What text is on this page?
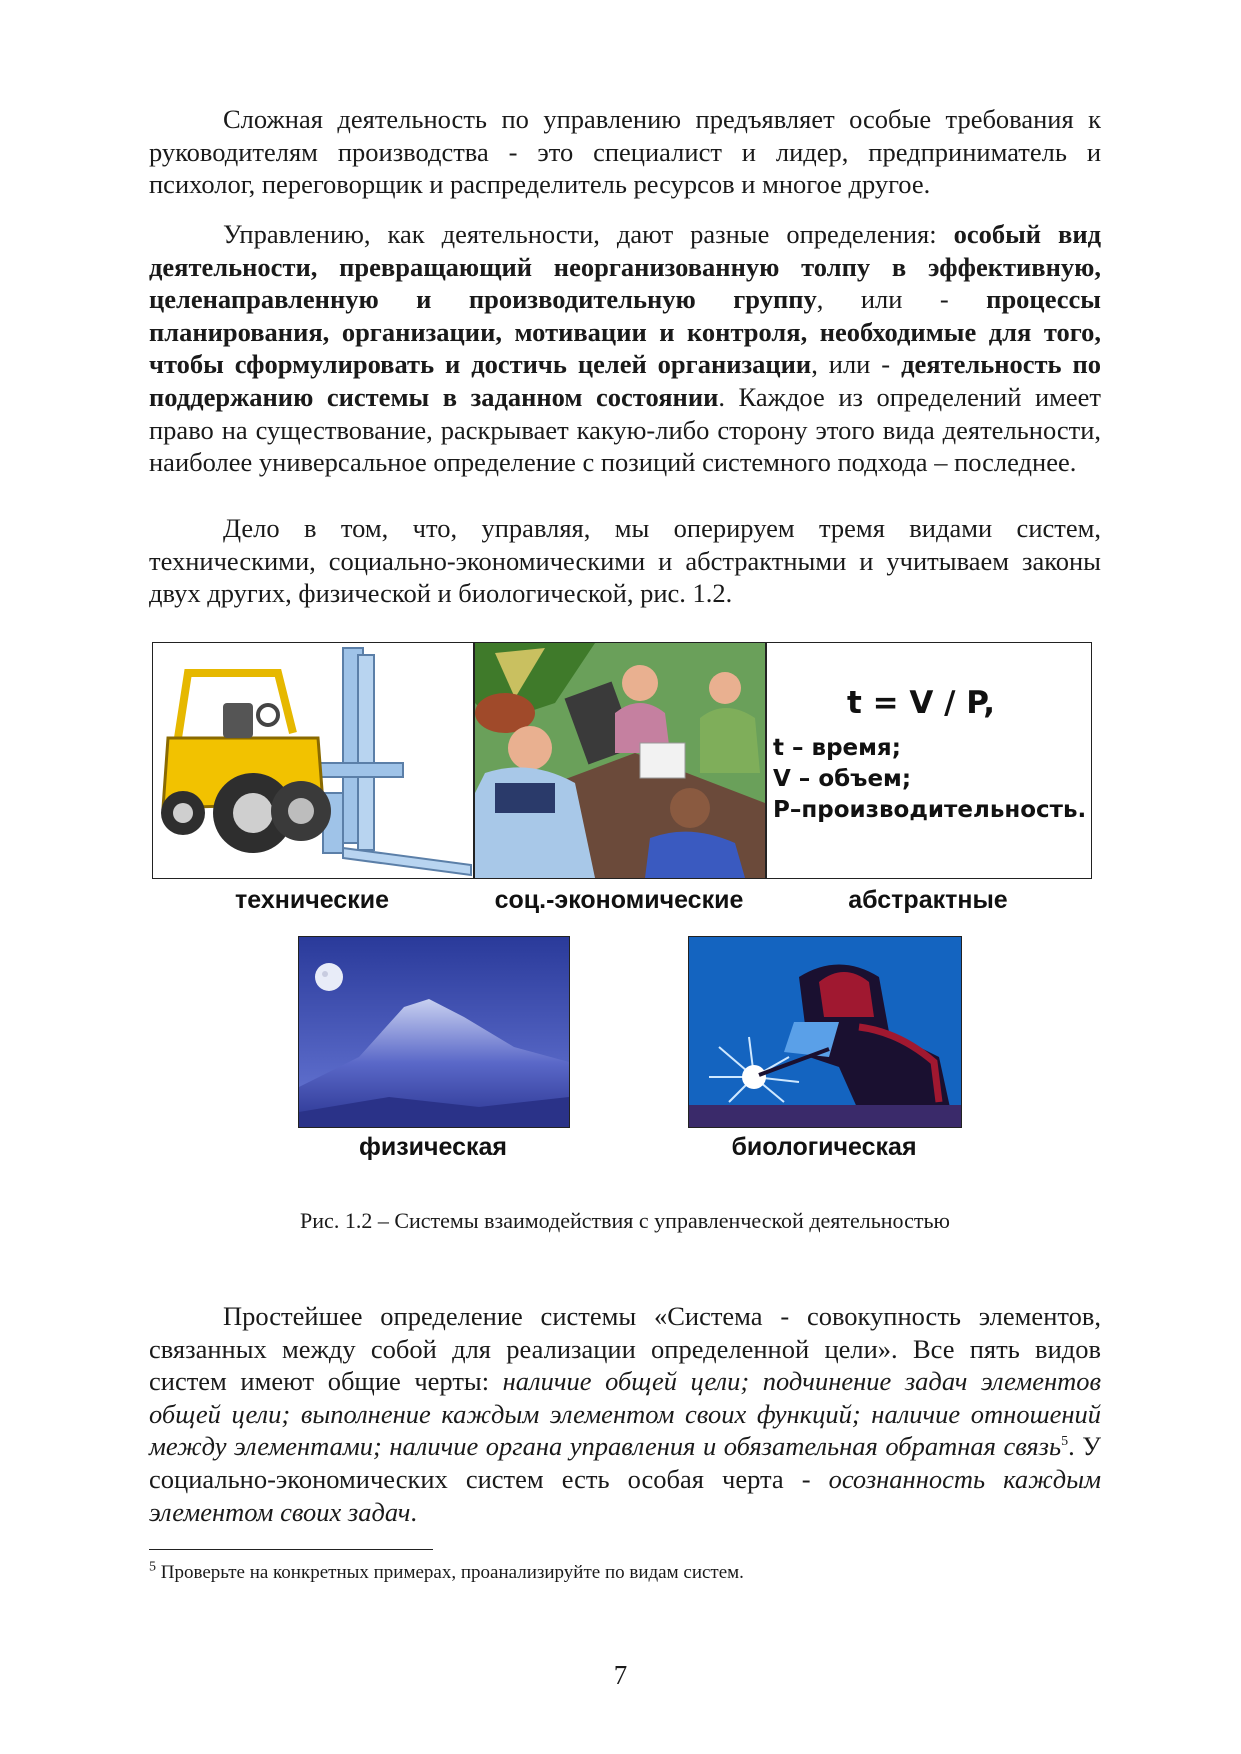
Сложная деятельность по управлению предъявляет особые требования к руководителям производства - это специалист и лидер, предприниматель и психолог, переговорщик и распределитель ресурсов и многое другое.

Управлению, как деятельности, дают разные определения: особый вид деятельности, превращающий неорганизованную толпу в эффективную, целенаправленную и производительную группу, или - процессы планирования, организации, мотивации и контроля, необходимые для того, чтобы сформулировать и достичь целей организации, или - деятельность по поддержанию системы в заданном состоянии. Каждое из определений имеет право на существование, раскрывает какую-либо сторону этого вида деятельности, наиболее универсальное определение с позиций системного подхода – последнее.

Дело в том, что, управляя, мы оперируем тремя видами систем, техническими, социально-экономическими и абстрактными и учитываем законы двух других, физической и биологической, рис. 1.2.

t = V / P,
t – время;
V – объем;
P–производительность.
технические	соц.-экономические	абстрактные
физическая	биологическая
Рис. 1.2 – Системы взаимодействия с управленческой деятельностью

Простейшее определение системы «Система - совокупность элементов, связанных между собой для реализации определенной цели». Все пять видов систем имеют общие черты: наличие общей цели; подчинение задач элементов общей цели; выполнение каждым элементом своих функций; наличие отношений между элементами; наличие органа управления и обязательная обратная связь$^5$. У социально-экономических систем есть особая черта - осознанность каждым элементом своих задач.

$^5$ Проверьте на конкретных примерах, проанализируйте по видам систем.
7
